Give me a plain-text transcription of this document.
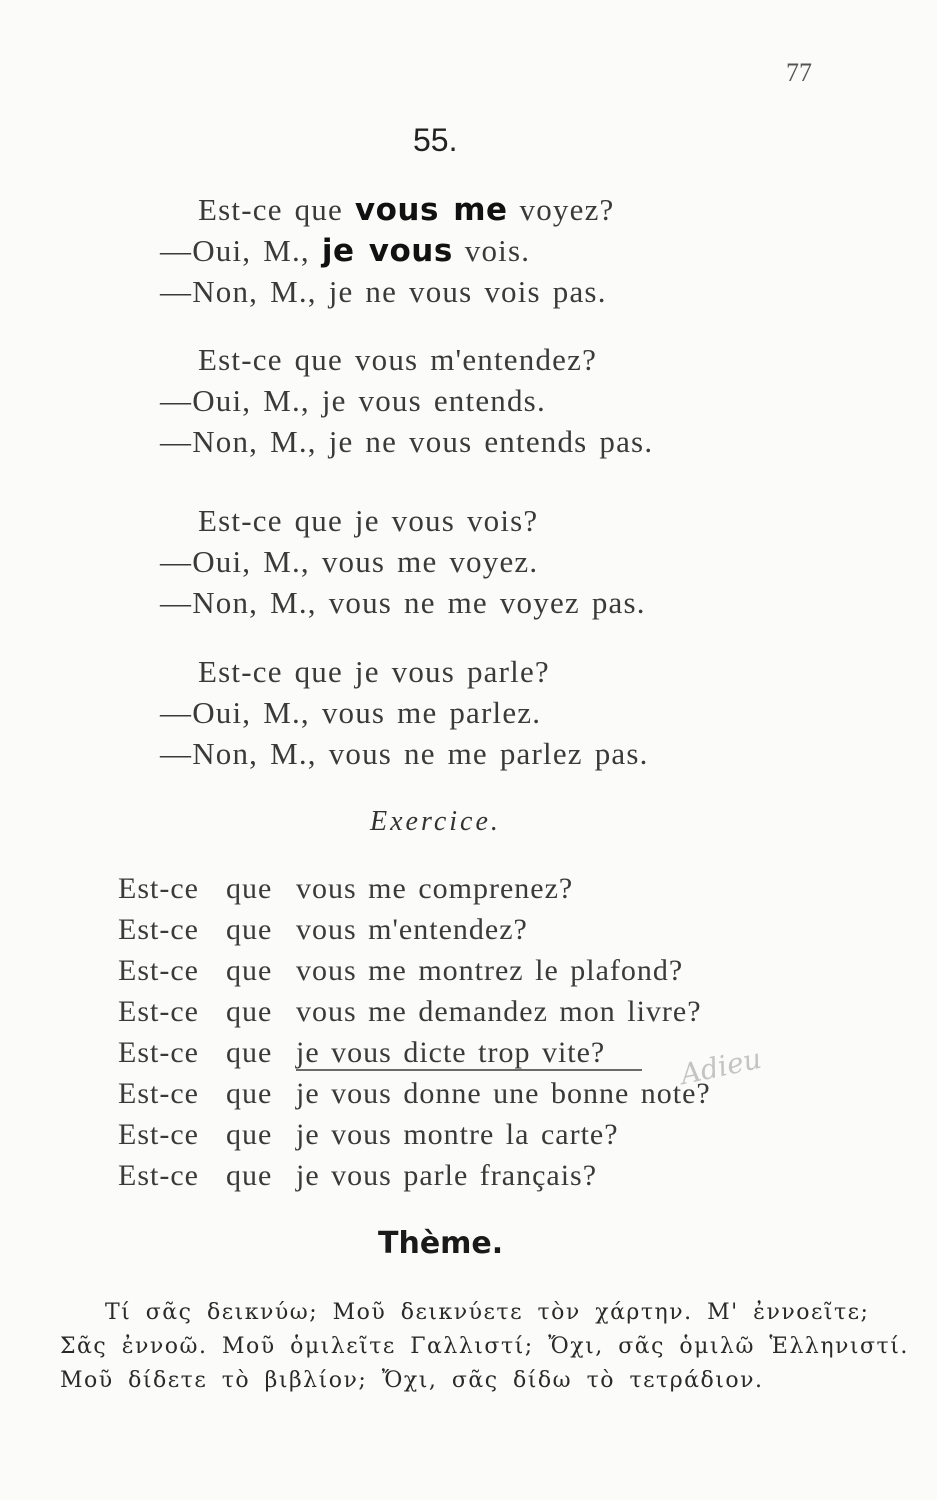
77
55.
Est-ce que vous me voyez?
—Oui, M., je vous vois.
—Non, M., je ne vous vois pas.
Est-ce que vous m'entendez?
—Oui, M., je vous entends.
—Non, M., je ne vous entends pas.
Est-ce que je vous vois?
—Oui, M., vous me voyez.
—Non, M., vous ne me voyez pas.
Est-ce que je vous parle?
—Oui, M., vous me parlez.
—Non, M., vous ne me parlez pas.
Exercice.
Est-ce que vous me comprenez?
Est-ce que vous m'entendez?
Est-ce que vous me montrez le plafond?
Est-ce que vous me demandez mon livre?
Est-ce que je vous dicte trop vite?
Est-ce que je vous donne une bonne note?
Est-ce que je vous montre la carte?
Est-ce que je vous parle français?
Adieu
Thème.
Τί σᾶς δεικνύω; Μοῦ δεικνύετε τὸν χάρτην. Μ' ἐννοεῖτε;
Σᾶς ἐννοῶ. Μοῦ ὁμιλεῖτε Γαλλιστί; Ὄχι, σᾶς ὁμιλῶ Ἑλληνιστί.
Μοῦ δίδετε τὸ βιβλίον; Ὄχι, σᾶς δίδω τὸ τετράδιον.
